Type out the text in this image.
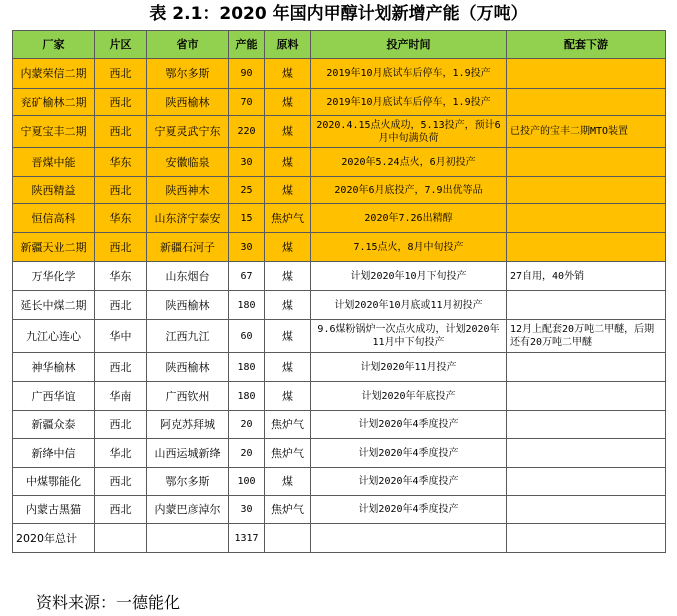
表 2.1：2020 年国内甲醇计划新增产能（万吨）
厂家	片区	省市	产能	原料	投产时间	配套下游
内蒙荣信二期	西北	鄂尔多斯	90	煤	2019年10月底试车后停车，1.9投产	
兖矿榆林二期	西北	陕西榆林	70	煤	2019年10月底试车后停车，1.9投产	
宁夏宝丰二期	西北	宁夏灵武宁东	220	煤	2020.4.15点火成功，5.13投产，预计6月中旬满负荷	已投产的宝丰二期MTO装置
晋煤中能	华东	安徽临泉	30	煤	2020年5.24点火，6月初投产	
陕西精益	西北	陕西神木	25	煤	2020年6月底投产，7.9出优等品	
恒信高科	华东	山东济宁泰安	15	焦炉气	2020年7.26出精醇	
新疆天业二期	西北	新疆石河子	30	煤	7.15点火，8月中旬投产	
万华化学	华东	山东烟台	67	煤	计划2020年10月下旬投产	27自用，40外销
延长中煤二期	西北	陕西榆林	180	煤	计划2020年10月底或11月初投产	
九江心连心	华中	江西九江	60	煤	9.6煤粉锅炉一次点火成功，计划2020年11月中下旬投产	12月上配套20万吨二甲醚，后期还有20万吨二甲醚
神华榆林	西北	陕西榆林	180	煤	计划2020年11月投产	
广西华谊	华南	广西钦州	180	煤	计划2020年年底投产	
新疆众泰	西北	阿克苏拜城	20	焦炉气	计划2020年4季度投产	
新绛中信	华北	山西运城新绛	20	焦炉气	计划2020年4季度投产	
中煤鄂能化	西北	鄂尔多斯	100	煤	计划2020年4季度投产	
内蒙古黑猫	西北	内蒙巴彦淖尔	30	焦炉气	计划2020年4季度投产	
2020年总计			1317			
资料来源：一德能化
